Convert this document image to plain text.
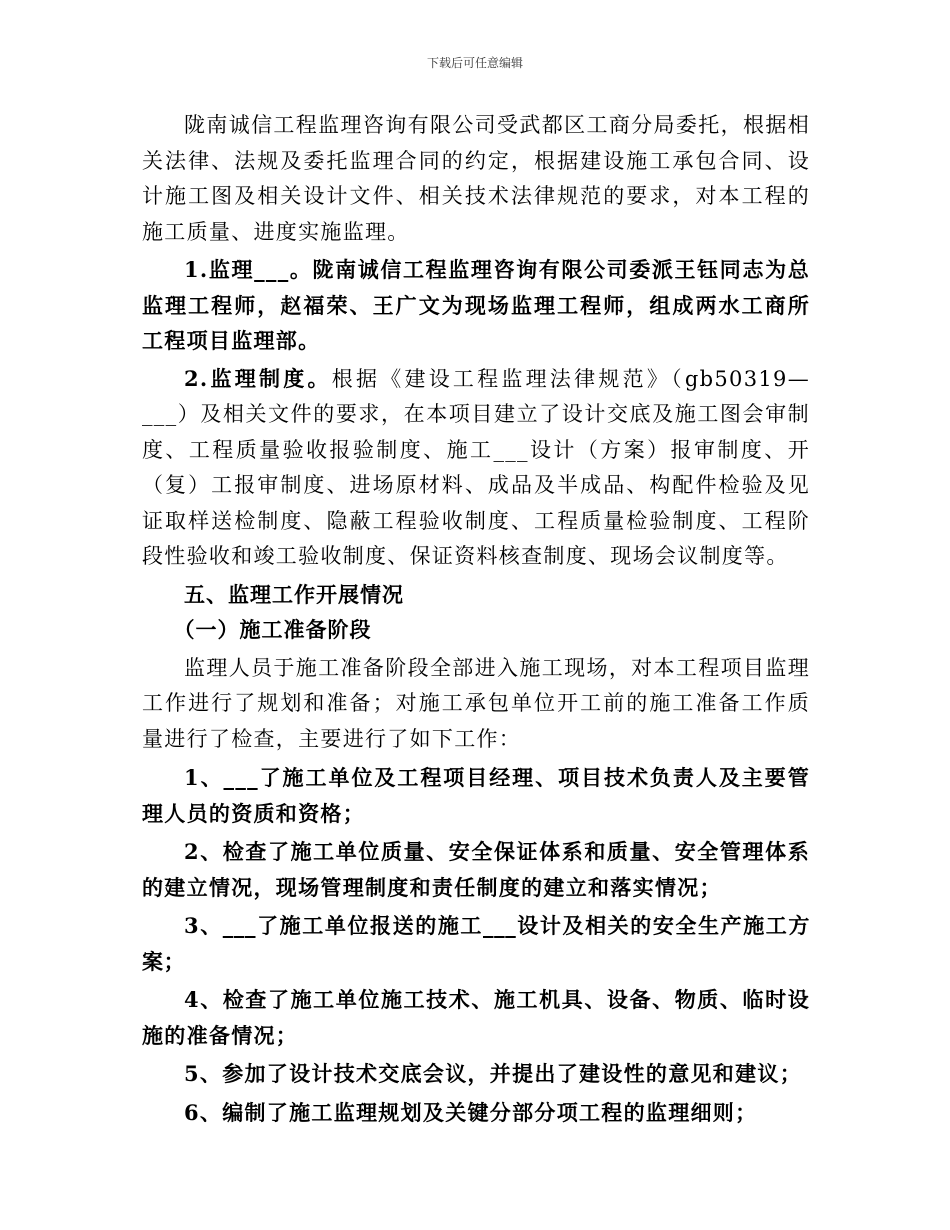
下载后可任意编辑

陇南诚信工程监理咨询有限公司受武都区工商分局委托，根据相关法律、法规及委托监理合同的约定，根据建设施工承包合同、设计施工图及相关设计文件、相关技术法律规范的要求，对本工程的施工质量、进度实施监理。

1.监理___。陇南诚信工程监理咨询有限公司委派王钰同志为总监理工程师，赵福荣、王广文为现场监理工程师，组成两水工商所工程项目监理部。

2.监理制度。根据《建设工程监理法律规范》（gb50319—___）及相关文件的要求，在本项目建立了设计交底及施工图会审制度、工程质量验收报验制度、施工___设计（方案）报审制度、开（复）工报审制度、进场原材料、成品及半成品、构配件检验及见证取样送检制度、隐蔽工程验收制度、工程质量检验制度、工程阶段性验收和竣工验收制度、保证资料核查制度、现场会议制度等。

五、监理工作开展情况

（一）施工准备阶段

监理人员于施工准备阶段全部进入施工现场，对本工程项目监理工作进行了规划和准备；对施工承包单位开工前的施工准备工作质量进行了检查，主要进行了如下工作：

1、___了施工单位及工程项目经理、项目技术负责人及主要管理人员的资质和资格；

2、检查了施工单位质量、安全保证体系和质量、安全管理体系的建立情况，现场管理制度和责任制度的建立和落实情况；

3、___了施工单位报送的施工___设计及相关的安全生产施工方案；

4、检查了施工单位施工技术、施工机具、设备、物质、临时设施的准备情况；

5、参加了设计技术交底会议，并提出了建设性的意见和建议；

6、编制了施工监理规划及关键分部分项工程的监理细则；
